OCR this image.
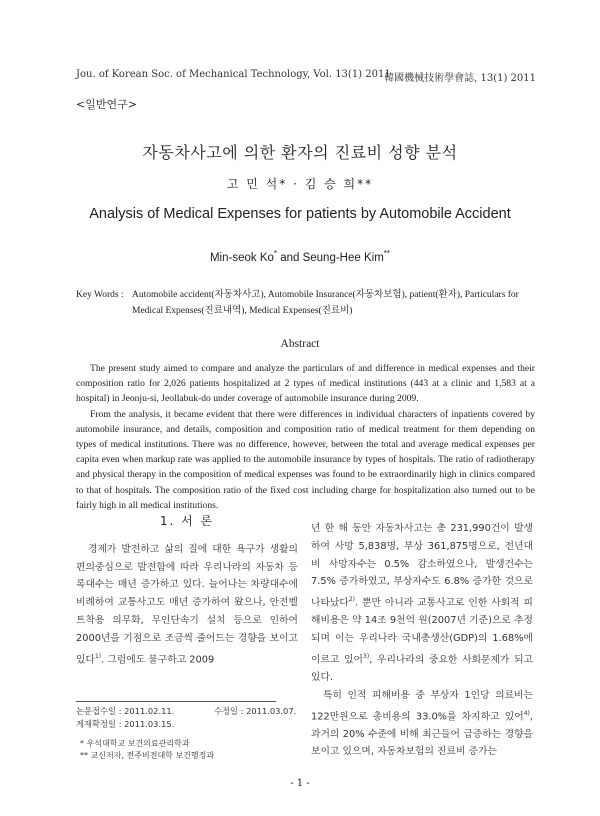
Jou. of Korean Soc. of Mechanical Technology, Vol. 13(1) 2011
韓國機械技術學會誌, 13(1) 2011
<일반연구>
자동차사고에 의한 환자의 진료비 성향 분석
고 민 석* · 김 승 희**
Analysis of Medical Expenses for patients by Automobile Accident
Min-seok Ko* and Seung-Hee Kim**
Key Words : Automobile accident(자동차사고), Automobile Insurance(자동차보험), patient(환자), Particulars for Medical Expenses(진료내역), Medical Expenses(진료비)
Abstract

The present study aimed to compare and analyze the particulars of and difference in medical expenses and their composition ratio for 2,026 patients hospitalized at 2 types of medical institutions (443 at a clinic and 1,583 at a hospital) in Jeonju-si, Jeollabuk-do under coverage of automobile insurance during 2009.

From the analysis, it became evident that there were differences in individual characters of inpatients covered by automobile insurance, and details, composition and composition ratio of medical treatment for them depending on types of medical institutions. There was no difference, however, between the total and average medical expenses per capita even when markup rate was applied to the automobile insurance by types of hospitals. The ratio of radiotherapy and physical therapy in the composition of medical expenses was found to be extraordinarily high in clinics compared to that of hospitals. The composition ratio of the fixed cost including charge for hospitalization also turned out to be fairly high in all medical institutions.

1. 서 론

경제가 발전하고 삶의 질에 대한 욕구가 생활의 편의중심으로 발전함에 따라 우리나라의 자동차 등록대수는 매년 증가하고 있다. 늘어나는 차량대수에 비례하여 교통사고도 매년 증가하여 왔으나, 안전벨트착용 의무화, 무인단속기 설치 등으로 인하여 2000년을 기점으로 조금씩 줄어드는 경향을 보이고 있다$^{1)}$. 그럼에도 불구하고 2009

년 한 해 동안 자동차사고는 총 231,990건이 발생하여 사망 5,838명, 부상 361,875명으로, 전년대비 사망자수는 0.5% 감소하였으나, 발생건수는 7.5% 증가하였고, 부상자수도 6.8% 증가한 것으로 나타났다$^{2)}$. 뿐만 아니라 교통사고로 인한 사회적 피해비용은 약 14조 9천억 원(2007년 기준)으로 추정되며 이는 우리나라 국내총생산(GDP)의 1.68%에 이르고 있어$^{3)}$, 우리나라의 중요한 사회문제가 되고 있다.

특히 인적 피해비용 중 부상자 1인당 의료비는 122만원으로 총비용의 33.0%를 차지하고 있어$^{4)}$, 과거의 20% 수준에 비해 최근들어 급증하는 경향을 보이고 있으며, 자동차보험의 진료비 증가는

논문접수일 : 2011.02.11.	수정일 : 2011.03.07.
게재확정일 : 2011.03.15.
* 우석대학교 보건의료관리학과
** 교신저자, 전주비전대학 보건행정과
- 1 -
